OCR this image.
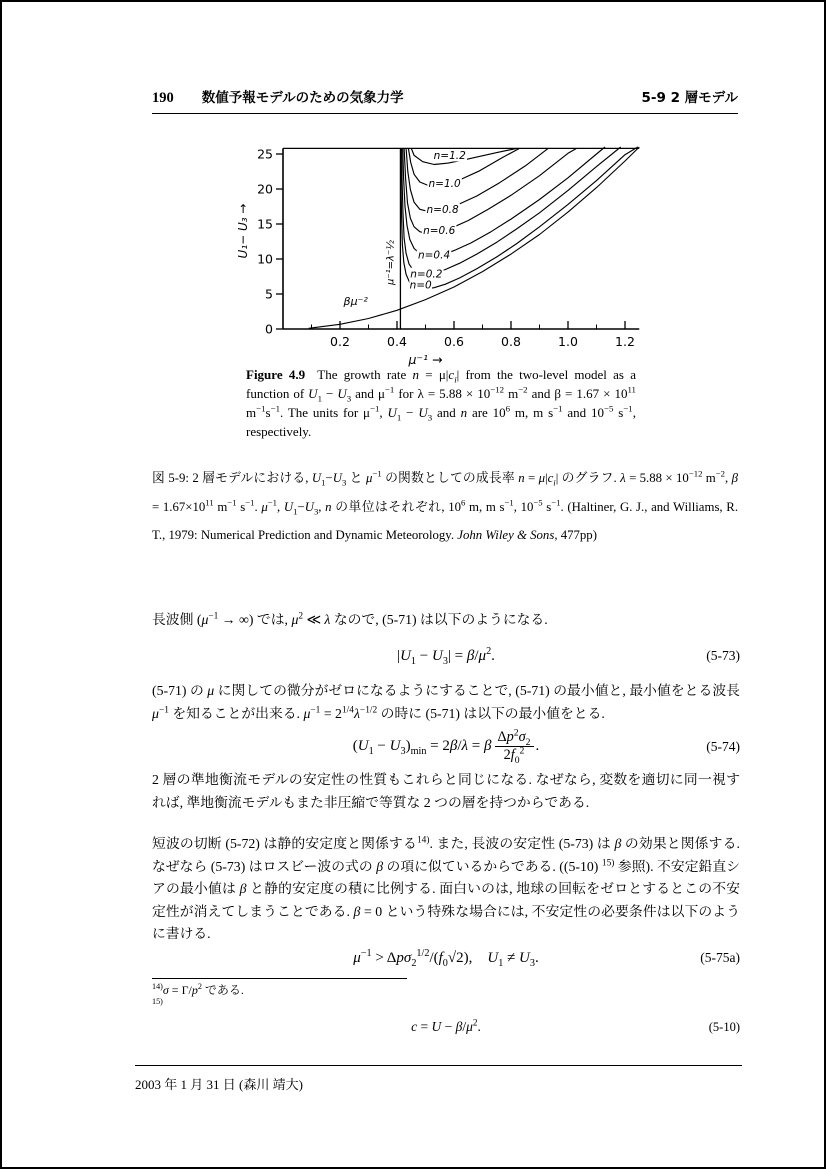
190 数値予報モデルのための気象力学	5-9 2 層モデル
0.2	0.4	0.6	0.8	1.0	1.2
0
5
10
15
20
25
n=0
n=0.2
n=0.4
n=0.6
n=0.8
n=1.0
n=1.2
βμ⁻²
μ⁻¹=λ⁻½
U₁− U₃ →
μ⁻¹ →
Figure 4.9  The growth rate $n = \mu|c_i|$ from the two-level model as a function of $U_1 - U_3$ and $\mu^{-1}$ for $\lambda = 5.88 \times 10^{-12}$ $m^{-2}$ and $\beta = 1.67 \times 10^{11}$ $m^{-1}s^{-1}$. The units for $\mu^{-1}$, $U_1 - U_3$ and n are $10^6$ m, m $s^{-1}$ and $10^{-5}$ $s^{-1}$, respectively.
図 5-9: 2 層モデルにおける, $U_1-U_3$ と $\mu^{-1}$ の関数としての成長率 $n = \mu|c_i|$ のグラフ. $\lambda = 5.88 \times 10^{-12}$ $m^{-2}$, $\beta = 1.67\times 10^{11}$ $m^{-1}$ $s^{-1}$. $\mu^{-1}$, $U_1-U_3$, n の単位はそれぞれ, $10^6$ m, m $s^{-1}$, $10^{-5}$ $s^{-1}$. (Haltiner, G. J., and Williams, R. T., 1979: Numerical Prediction and Dynamic Meteorology. John Wiley & Sons, 477pp)

長波側 ($\mu^{-1}$ → ∞) では, $\mu^2$ ≪ λ なので, (5-71) は以下のようになる.

$|U_1 - U_3| = \beta/\mu^2$.	(5-73)

(5-71) の μ に関しての微分がゼロになるようにすることで, (5-71) の最小値と, 最小値をとる波長 $\mu^{-1}$ を知ることが出来る. $\mu^{-1} = 2^{1/4}\lambda^{-1/2}$ の時に (5-71) は以下の最小値をとる.

$(U_1 - U_3)_{min} = 2\beta/\lambda = \beta \frac{\Delta p^2\sigma_2}{2f_0^2}$ .	(5-74)

2 層の準地衡流モデルの安定性の性質もこれらと同じになる. なぜなら, 変数を適切に同一視すれば, 準地衡流モデルもまた非圧縮で等質な 2 つの層を持つからである.

短波の切断 (5-72) は静的安定度と関係する$^{14)}$. また, 長波の安定性 (5-73) は β の効果と関係する. なぜなら (5-73) はロスビー波の式の β の項に似ているからである. ((5-10) $^{15)}$ 参照). 不安定鉛直シアの最小値は β と静的安定度の積に比例する. 面白いのは, 地球の回転をゼロとするとこの不安定性が消えてしまうことである. β = 0 という特殊な場合には, 不安定性の必要条件は以下のように書ける.

$\mu^{-1} > \Delta p\sigma_2^{1/2}/(f_0√2)$,    $U_1 \ne U_3$.	(5-75a)
$^{14)}\sigma = \Gamma/p^2$ である.
$^{15)}$
$c = U - \beta/\mu^2$.	(5-10)
2003 年 1 月 31 日 (森川 靖大)
